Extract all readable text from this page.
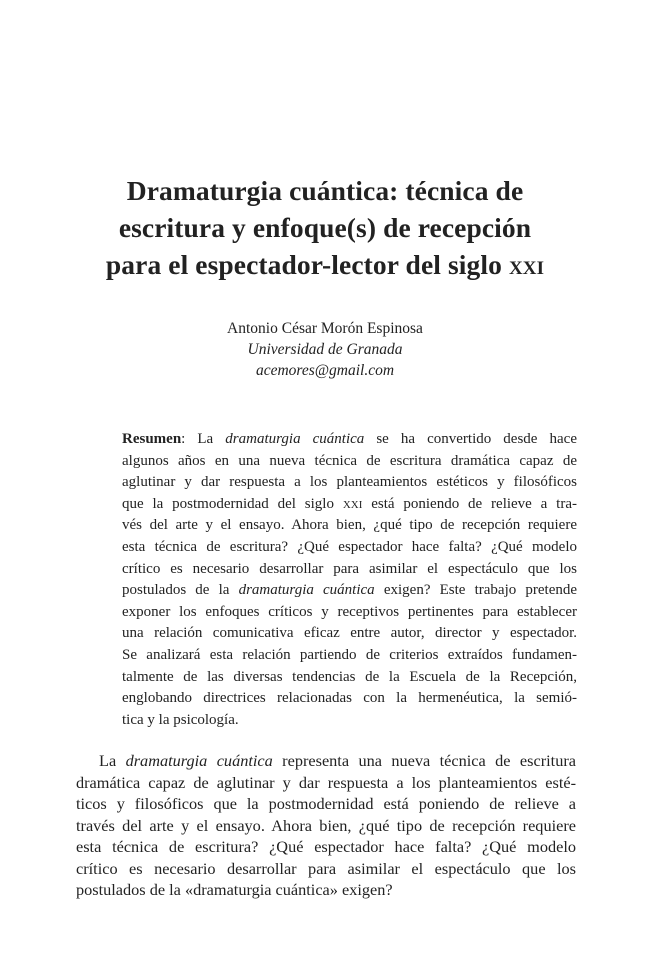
Dramaturgia cuántica: técnica de
escritura y enfoque(s) de recepción
para el espectador-lector del siglo xxi
Antonio César Morón Espinosa
Universidad de Granada
acemores@gmail.com
Resumen: La dramaturgia cuántica se ha convertido desde hace
algunos años en una nueva técnica de escritura dramática capaz de
aglutinar y dar respuesta a los planteamientos estéticos y filosóficos
que la postmodernidad del siglo xxi está poniendo de relieve a tra-
vés del arte y el ensayo. Ahora bien, ¿qué tipo de recepción requiere
esta técnica de escritura? ¿Qué espectador hace falta? ¿Qué modelo
crítico es necesario desarrollar para asimilar el espectáculo que los
postulados de la dramaturgia cuántica exigen? Este trabajo pretende
exponer los enfoques críticos y receptivos pertinentes para establecer
una relación comunicativa eficaz entre autor, director y espectador.
Se analizará esta relación partiendo de criterios extraídos fundamen-
talmente de las diversas tendencias de la Escuela de la Recepción,
englobando directrices relacionadas con la hermenéutica, la semió-
tica y la psicología.
La dramaturgia cuántica representa una nueva técnica de escritura
dramática capaz de aglutinar y dar respuesta a los planteamientos esté-
ticos y filosóficos que la postmodernidad está poniendo de relieve a
través del arte y el ensayo. Ahora bien, ¿qué tipo de recepción requiere
esta técnica de escritura? ¿Qué espectador hace falta? ¿Qué modelo
crítico es necesario desarrollar para asimilar el espectáculo que los
postulados de la «dramaturgia cuántica» exigen?
